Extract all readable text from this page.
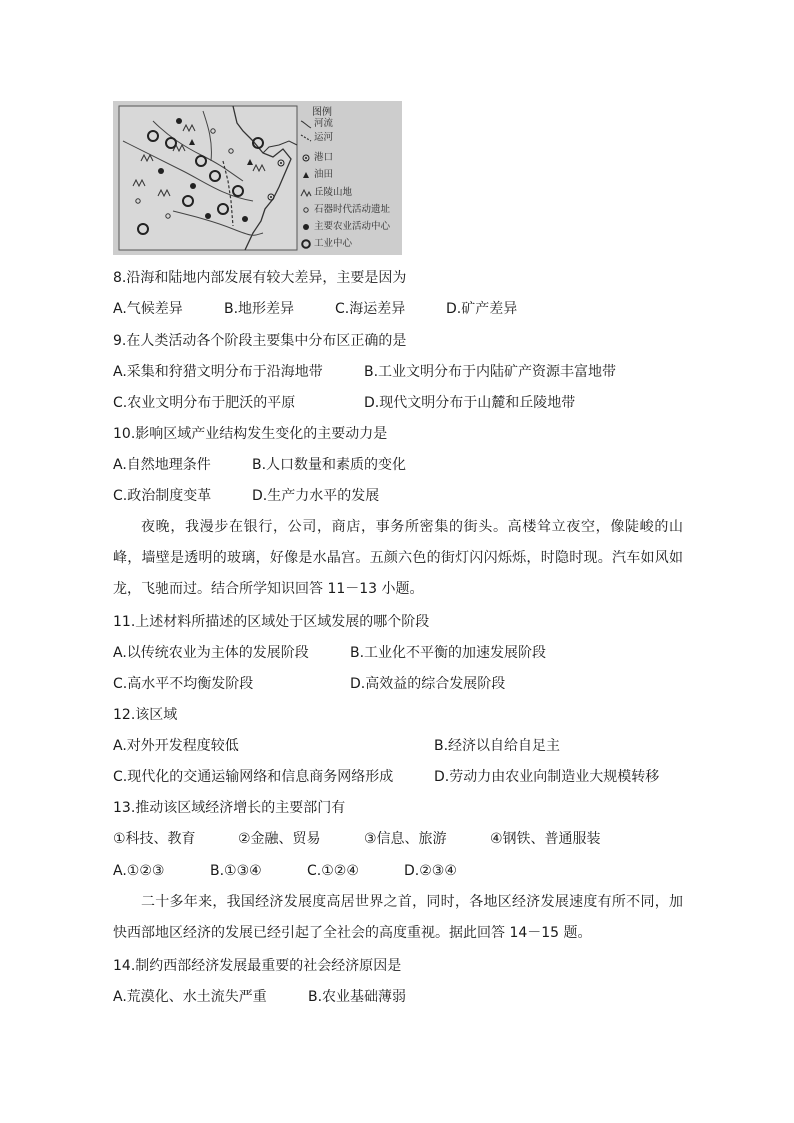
图例
河流
运河
港口
油田
丘陵山地
石器时代活动遗址
主要农业活动中心
工业中心
8.沿海和陆地内部发展有较大差异，主要是因为
A.气候差异	B.地形差异	C.海运差异	D.矿产差异
9.在人类活动各个阶段主要集中分布区正确的是
A.采集和狩猎文明分布于沿海地带	B.工业文明分布于内陆矿产资源丰富地带
C.农业文明分布于肥沃的平原	D.现代文明分布于山麓和丘陵地带
10.影响区域产业结构发生变化的主要动力是
A.自然地理条件	B.人口数量和素质的变化
C.政治制度变革	D.生产力水平的发展
夜晚，我漫步在银行，公司，商店，事务所密集的街头。高楼耸立夜空，像陡峻的山峰，墙壁是透明的玻璃，好像是水晶宫。五颜六色的街灯闪闪烁烁，时隐时现。汽车如风如龙，飞驰而过。结合所学知识回答 11－13 小题。
11.上述材料所描述的区域处于区域发展的哪个阶段
A.以传统农业为主体的发展阶段	B.工业化不平衡的加速发展阶段
C.高水平不均衡发阶段	D.高效益的综合发展阶段
12.该区域
A.对外开发程度较低	B.经济以自给自足主
C.现代化的交通运输网络和信息商务网络形成	D.劳动力由农业向制造业大规模转移
13.推动该区域经济增长的主要部门有
①科技、教育	②金融、贸易	③信息、旅游	④钢铁、普通服装
A.①②③	B.①③④	C.①②④	D.②③④
二十多年来，我国经济发展度高居世界之首，同时，各地区经济发展速度有所不同，加快西部地区经济的发展已经引起了全社会的高度重视。据此回答 14－15 题。
14.制约西部经济发展最重要的社会经济原因是
A.荒漠化、水土流失严重	B.农业基础薄弱
